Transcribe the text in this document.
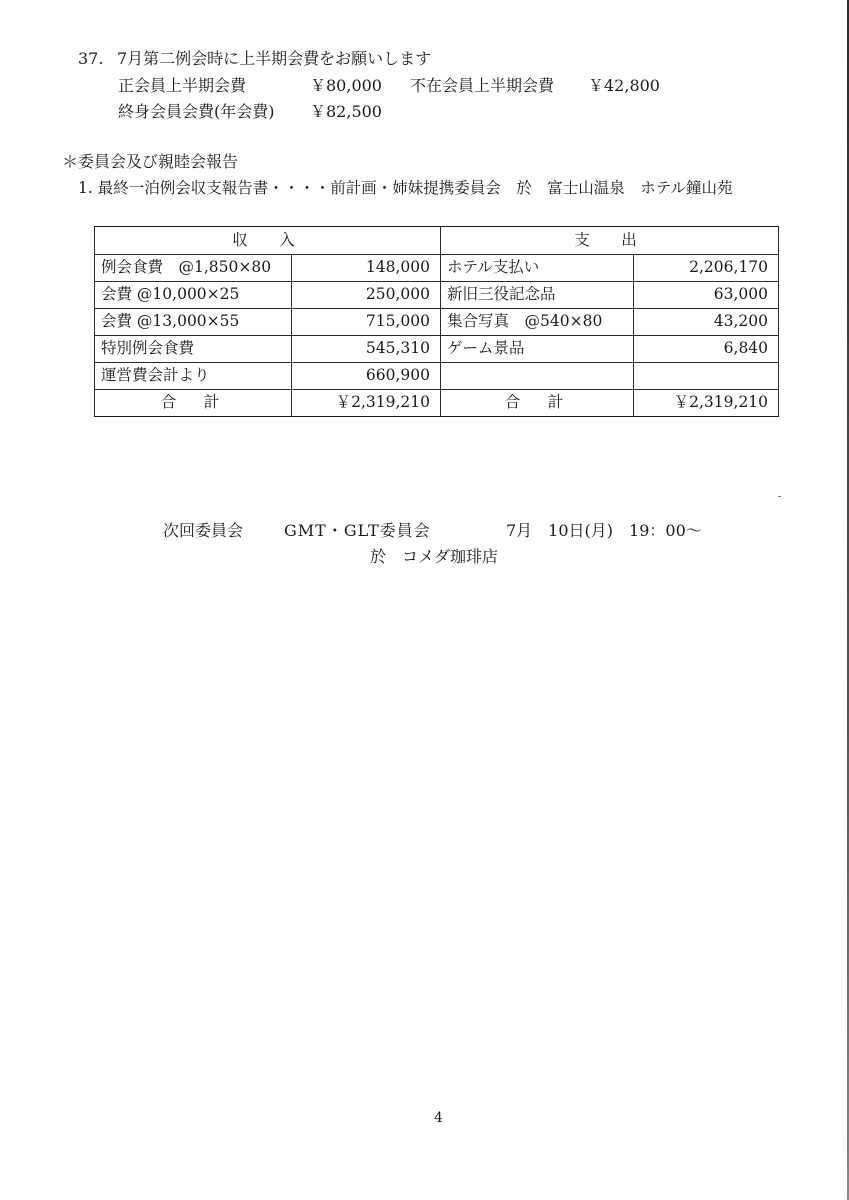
37. 7月第二例会時に上半期会費をお願いします
正会員上半期会費	￥80,000 不在会員上半期会費 ￥42,800
終身会員会費(年会費) ￥82,500
＊委員会及び親睦会報告
1. 最終一泊例会収支報告書・・・・前計画・姉妹提携委員会　於　富士山温泉　ホテル鐘山苑
収　入		支　出	
例会食費　@1,850×80	148,000	ホテル支払い	2,206,170
会費 @10,000×25	250,000	新旧三役記念品	63,000
会費 @13,000×55	715,000	集合写真　@540×80	43,200
特別例会食費	545,310	ゲーム景品	6,840
運営費会計より	660,900		
合　計	￥2,319,210	合　計	￥2,319,210
次回委員会	GMT・GLT委員会	7月　10日(月)　19：00～
於　コメダ珈琲店
4
